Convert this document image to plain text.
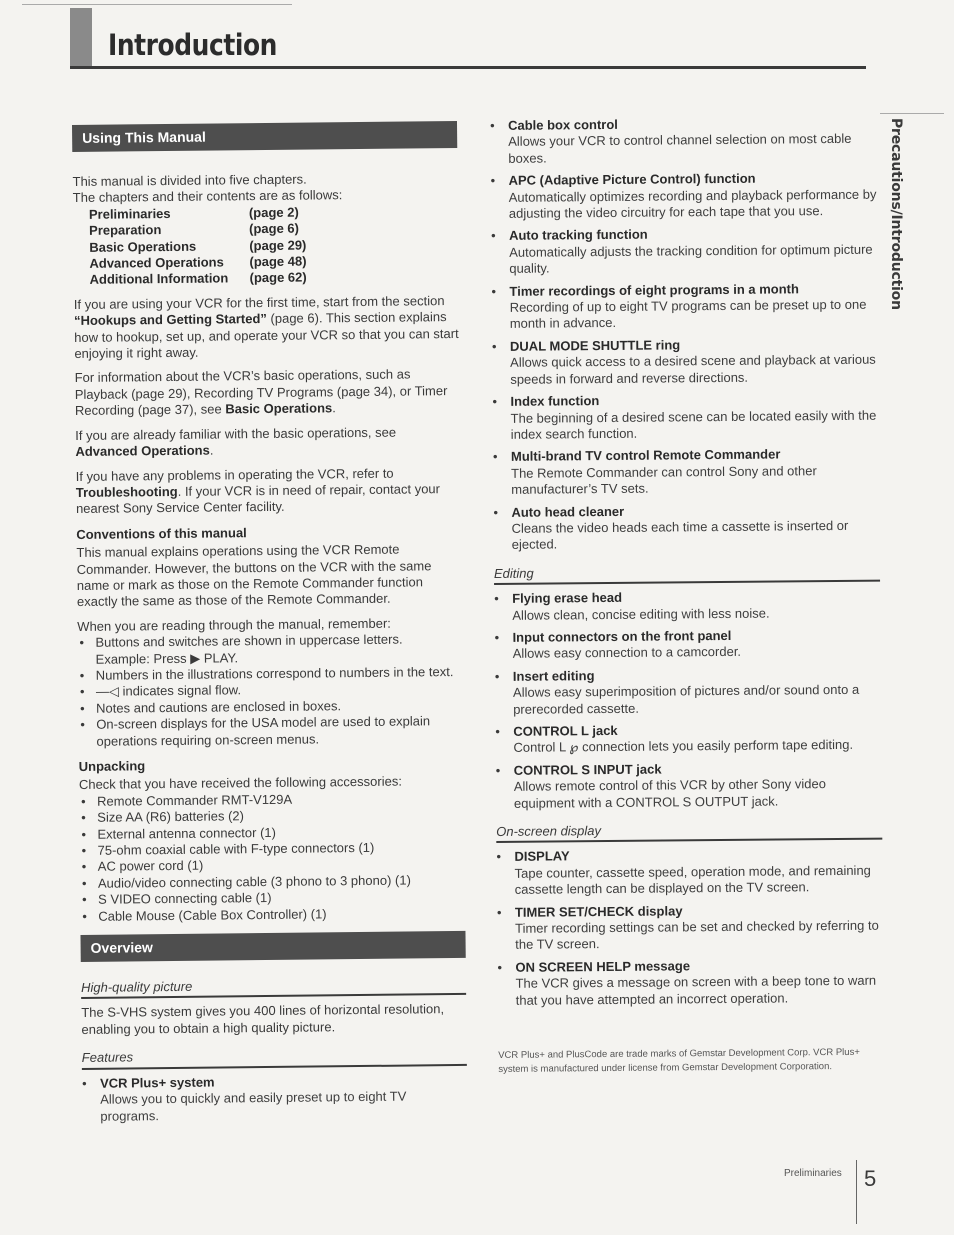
Introduction
Precautions/Introduction
Using This Manual

This manual is divided into five chapters.

The chapters and their contents are as follows:

Preliminaries	(page 2)
Preparation	(page 6)
Basic Operations	(page 29)
Advanced Operations	(page 48)
Additional Information	(page 62)

If you are using your VCR for the first time, start from the section “Hookups and Getting Started” (page 6). This section explains how to hookup, set up, and operate your VCR so that you can start enjoying it right away.

For information about the VCR’s basic operations, such as Playback (page 29), Recording TV Programs (page 34), or Timer Recording (page 37), see Basic Operations.

If you are already familiar with the basic operations, see Advanced Operations.

If you have any problems in operating the VCR, refer to Troubleshooting. If your VCR is in need of repair, contact your nearest Sony Service Center facility.

Conventions of this manual

This manual explains operations using the VCR Remote Commander. However, the buttons on the VCR with the same name or mark as those on the Remote Commander function exactly the same as those of the Remote Commander.

When you are reading through the manual, remember:

• Buttons and switches are shown in uppercase letters.
Example: Press ▶ PLAY.
• Numbers in the illustrations correspond to numbers in the text.
• —◁ indicates signal flow.
• Notes and cautions are enclosed in boxes.
• On-screen displays for the USA model are used to explain operations requiring on-screen menus.
Unpacking

Check that you have received the following accessories:

• Remote Commander RMT-V129A
• Size AA (R6) batteries (2)
• External antenna connector (1)
• 75-ohm coaxial cable with F-type connectors (1)
• AC power cord (1)
• Audio/video connecting cable (3 phono to 3 phono) (1)
• S VIDEO connecting cable (1)
• Cable Mouse (Cable Box Controller) (1)
Overview
High-quality picture

The S-VHS system gives you 400 lines of horizontal resolution, enabling you to obtain a high quality picture.

Features
• VCR Plus+ system
Allows you to quickly and easily preset up to eight TV programs.
• Cable box control
Allows your VCR to control channel selection on most cable boxes.
• APC (Adaptive Picture Control) function
Automatically optimizes recording and playback performance by adjusting the video circuitry for each tape that you use.
• Auto tracking function
Automatically adjusts the tracking condition for optimum picture quality.
• Timer recordings of eight programs in a month
Recording of up to eight TV programs can be preset up to one month in advance.
• DUAL MODE SHUTTLE ring
Allows quick access to a desired scene and playback at various speeds in forward and reverse directions.
• Index function
The beginning of a desired scene can be located easily with the index search function.
• Multi-brand TV control Remote Commander
The Remote Commander can control Sony and other manufacturer’s TV sets.
• Auto head cleaner
Cleans the video heads each time a cassette is inserted or ejected.
Editing
• Flying erase head
Allows clean, concise editing with less noise.
• Input connectors on the front panel
Allows easy connection to a camcorder.
• Insert editing
Allows easy superimposition of pictures and/or sound onto a prerecorded cassette.
• CONTROL L jack
Control L ℘ connection lets you easily perform tape editing.
• CONTROL S INPUT jack
Allows remote control of this VCR by other Sony video equipment with a CONTROL S OUTPUT jack.
On-screen display
• DISPLAY
Tape counter, cassette speed, operation mode, and remaining cassette length can be displayed on the TV screen.
• TIMER SET/CHECK display
Timer recording settings can be set and checked by referring to the TV screen.
• ON SCREEN HELP message
The VCR gives a message on screen with a beep tone to warn that you have attempted an incorrect operation.

VCR Plus+ and PlusCode are trade marks of Gemstar Development Corp. VCR Plus+ system is manufactured under license from Gemstar Development Corporation.

Preliminaries 5
